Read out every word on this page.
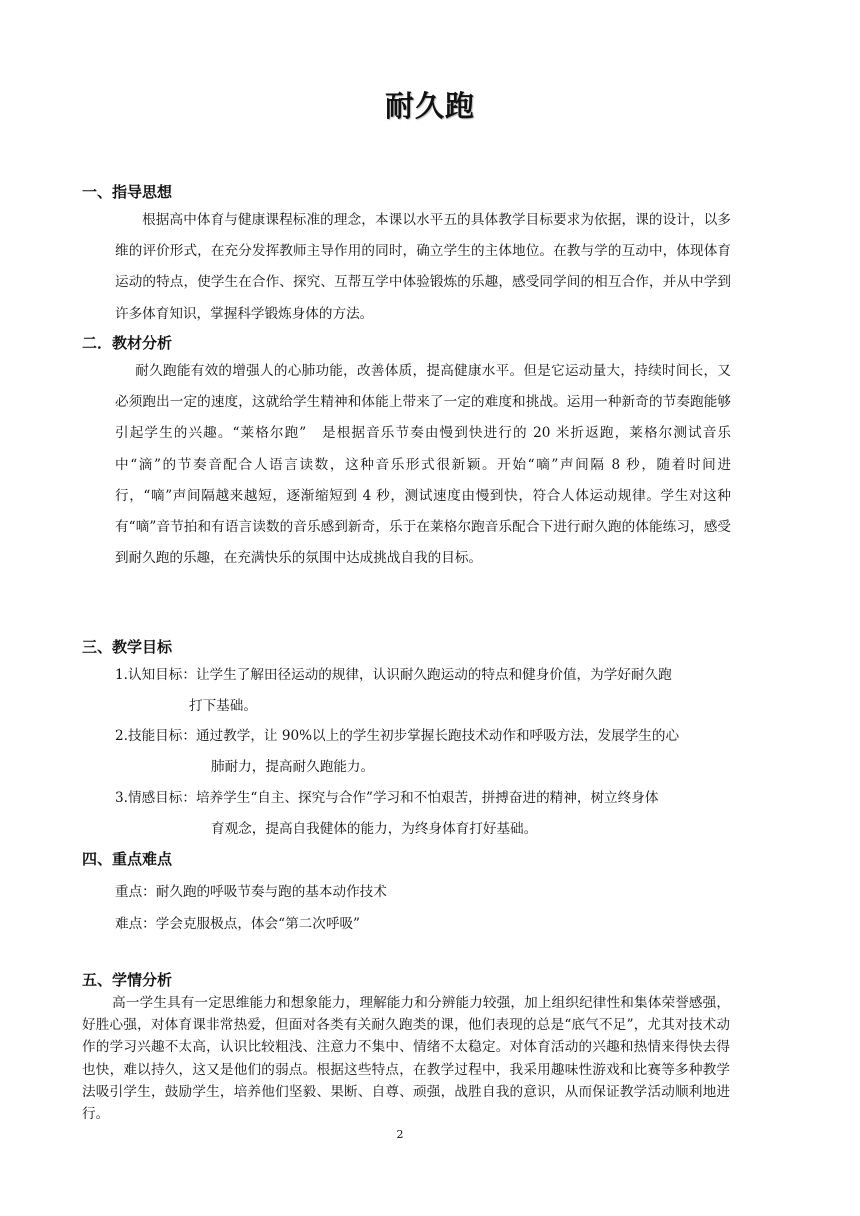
耐久跑
一、指导思想
根据高中体育与健康课程标准的理念，本课以水平五的具体教学目标要求为依据，课的设计，以多维的评价形式，在充分发挥教师主导作用的同时，确立学生的主体地位。在教与学的互动中，体现体育运动的特点，使学生在合作、探究、互帮互学中体验锻炼的乐趣，感受同学间的相互合作，并从中学到许多体育知识，掌握科学锻炼身体的方法。
二．教材分析
耐久跑能有效的增强人的心肺功能，改善体质，提高健康水平。但是它运动量大，持续时间长，又必须跑出一定的速度，这就给学生精神和体能上带来了一定的难度和挑战。运用一种新奇的节奏跑能够引起学生的兴趣。“莱格尔跑”　是根据音乐节奏由慢到快进行的 20 米折返跑，莱格尔测试音乐中“滴”的节奏音配合人语言读数，这种音乐形式很新颖。开始“嘀”声间隔 8 秒，随着时间进行，“嘀”声间隔越来越短，逐渐缩短到 4 秒，测试速度由慢到快，符合人体运动规律。学生对这种有“嘀”音节拍和有语言读数的音乐感到新奇，乐于在莱格尔跑音乐配合下进行耐久跑的体能练习，感受到耐久跑的乐趣，在充满快乐的氛围中达成挑战自我的目标。
三、教学目标
1.认知目标：让学生了解田径运动的规律，认识耐久跑运动的特点和健身价值，为学好耐久跑
打下基础。
2.技能目标：通过教学，让 90%以上的学生初步掌握长跑技术动作和呼吸方法，发展学生的心
肺耐力，提高耐久跑能力。
3.情感目标：培养学生“自主、探究与合作”学习和不怕艰苦，拼搏奋进的精神，树立终身体
育观念，提高自我健体的能力，为终身体育打好基础。
四、重点难点
重点：耐久跑的呼吸节奏与跑的基本动作技术
难点：学会克服极点，体会“第二次呼吸”
五、学情分析
高一学生具有一定思维能力和想象能力，理解能力和分辨能力较强，加上组织纪律性和集体荣誉感强，好胜心强，对体育课非常热爱，但面对各类有关耐久跑类的课，他们表现的总是“底气不足”，尤其对技术动作的学习兴趣不太高，认识比较粗浅、注意力不集中、情绪不太稳定。对体育活动的兴趣和热情来得快去得也快，难以持久，这又是他们的弱点。根据这些特点，在教学过程中，我采用趣味性游戏和比赛等多种教学法吸引学生，鼓励学生，培养他们坚毅、果断、自尊、顽强，战胜自我的意识，从而保证教学活动顺利地进行。
2
